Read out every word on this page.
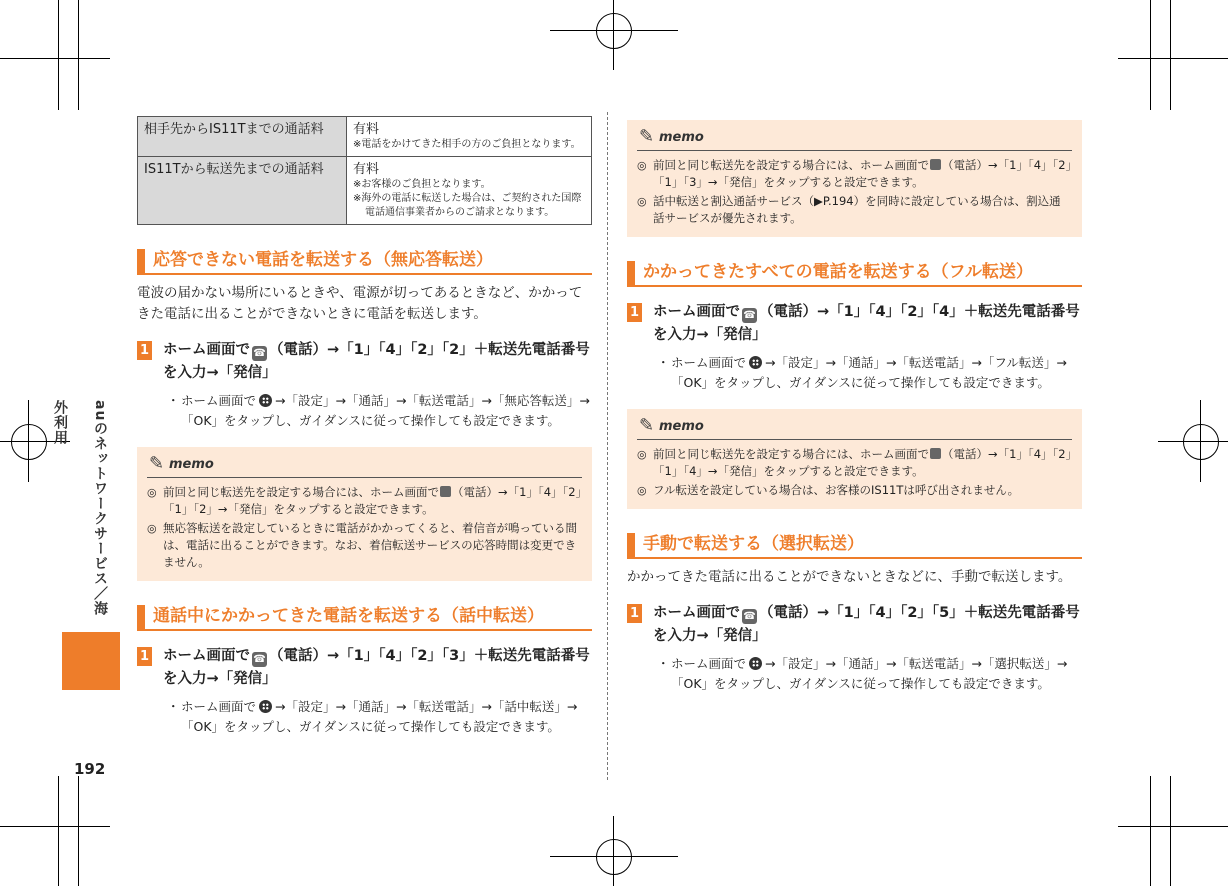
auのネットワークサービス／海外利用
192
相手先からIS11Tまでの通話料	有料
※電話をかけてきた相手の方のご負担となります。

IS11Tから転送先までの通話料	有料
※お客様のご負担となります。
※海外の電話に転送した場合は、ご契約された国際電話通信事業者からのご請求となります。
応答できない電話を転送する（無応答転送）
電波の届かない場所にいるときや、電源が切ってあるときなど、かかってきた電話に出ることができないときに電話を転送します。
1 ホーム画面で ☎ （電話）→「1」「4」「2」「2」＋転送先電話番号を入力→「発信」
・ ホーム画面で →「設定」→「通話」→「転送電話」→「無応答転送」→「OK」をタップし、ガイダンスに従って操作しても設定できます。
✎ memo
◎ 前回と同じ転送先を設定する場合には、ホーム画面で （電話）→「1」「4」「2」「1」「2」→「発信」をタップすると設定できます。
◎ 無応答転送を設定しているときに電話がかかってくると、着信音が鳴っている間は、電話に出ることができます。なお、着信転送サービスの応答時間は変更できません。
通話中にかかってきた電話を転送する（話中転送）
1 ホーム画面で ☎ （電話）→「1」「4」「2」「3」＋転送先電話番号を入力→「発信」
・ ホーム画面で →「設定」→「通話」→「転送電話」→「話中転送」→「OK」をタップし、ガイダンスに従って操作しても設定できます。
✎ memo
◎ 前回と同じ転送先を設定する場合には、ホーム画面で （電話）→「1」「4」「2」「1」「3」→「発信」をタップすると設定できます。
◎ 話中転送と割込通話サービス（▶P.194）を同時に設定している場合は、割込通話サービスが優先されます。
かかってきたすべての電話を転送する（フル転送）
1 ホーム画面で ☎ （電話）→「1」「4」「2」「4」＋転送先電話番号を入力→「発信」
・ ホーム画面で →「設定」→「通話」→「転送電話」→「フル転送」→「OK」をタップし、ガイダンスに従って操作しても設定できます。
✎ memo
◎ 前回と同じ転送先を設定する場合には、ホーム画面で （電話）→「1」「4」「2」「1」「4」→「発信」をタップすると設定できます。
◎ フル転送を設定している場合は、お客様のIS11Tは呼び出されません。
手動で転送する（選択転送）
かかってきた電話に出ることができないときなどに、手動で転送します。
1 ホーム画面で ☎ （電話）→「1」「4」「2」「5」＋転送先電話番号を入力→「発信」
・ ホーム画面で →「設定」→「通話」→「転送電話」→「選択転送」→「OK」をタップし、ガイダンスに従って操作しても設定できます。
